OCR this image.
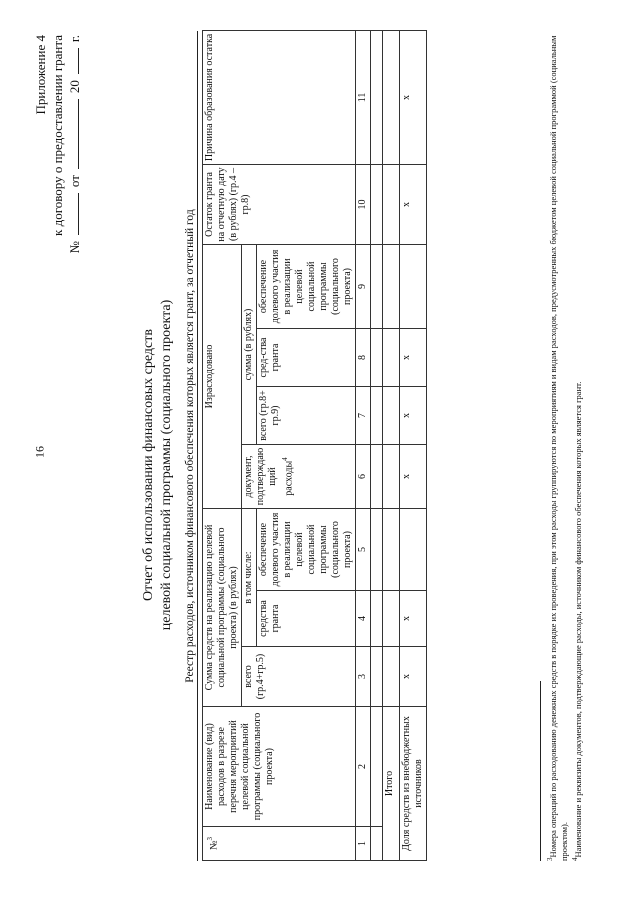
16
Приложение 4 к договору о предоставлении гранта
№
от
20
г.
Отчет об использовании финансовых средств целевой социальной программы (социального проекта) Реестр расходов, источником финансового обеспечения которых является грант, за отчетный год
№$^3$	Наименование (вид) расходов в разрезе перечня мероприятий целевой социальной программы (социального проекта)	Сумма средств на реализацию целевой социальной программы (социального проекта) (в рублях)			Израсходовано				Остаток гранта на отчетную дату (в рублях) (гр.4 – гр.8)	Причина образования остатка
		всего (гр.4+гр.5)	в том числе:		документ, подтверждающий расходы$^4$	сумма (в рублях)				
			средства гранта	обеспечение долевого участия в реализации целевой социальной программы (социального проекта)		всего (гр.8+ гр.9)	сред-ства гранта	обеспечение долевого участия в реализации целевой социальной программы (социального проекта)		
1	2	3	4	5	6	7	8	9	10	11

Итого										
Доля средств из внебюджетных источников		х	х		х	х	х		х	х

$^3$Номера операций по расходованию денежных средств в порядке их проведения, при этом расходы группируются по мероприятиям и видам расходов, предусмотренных бюджетом целевой социальной программой (социальным проектом). $^4$Наименование и реквизиты документов, подтверждающие расходы, источником финансового обеспечения которых является грант.
